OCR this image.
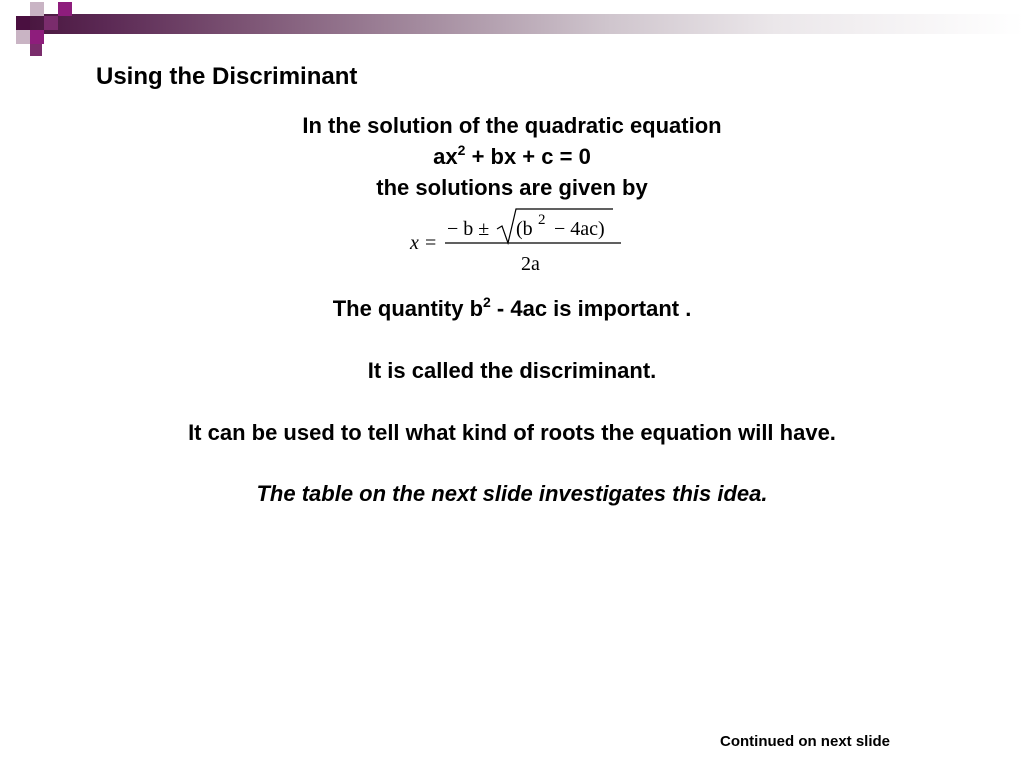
Using the Discriminant
In the solution of the quadratic equation
$ax^2$ + bx + c = 0
the solutions are given by
x =
− b ± (b 2 − 4ac)
2a
The quantity $b^2 - 4ac$ is important .
It is called the discriminant.
It can be used to tell what kind of roots the equation will have.
The table on the next slide investigates this idea.
Continued on next slide
